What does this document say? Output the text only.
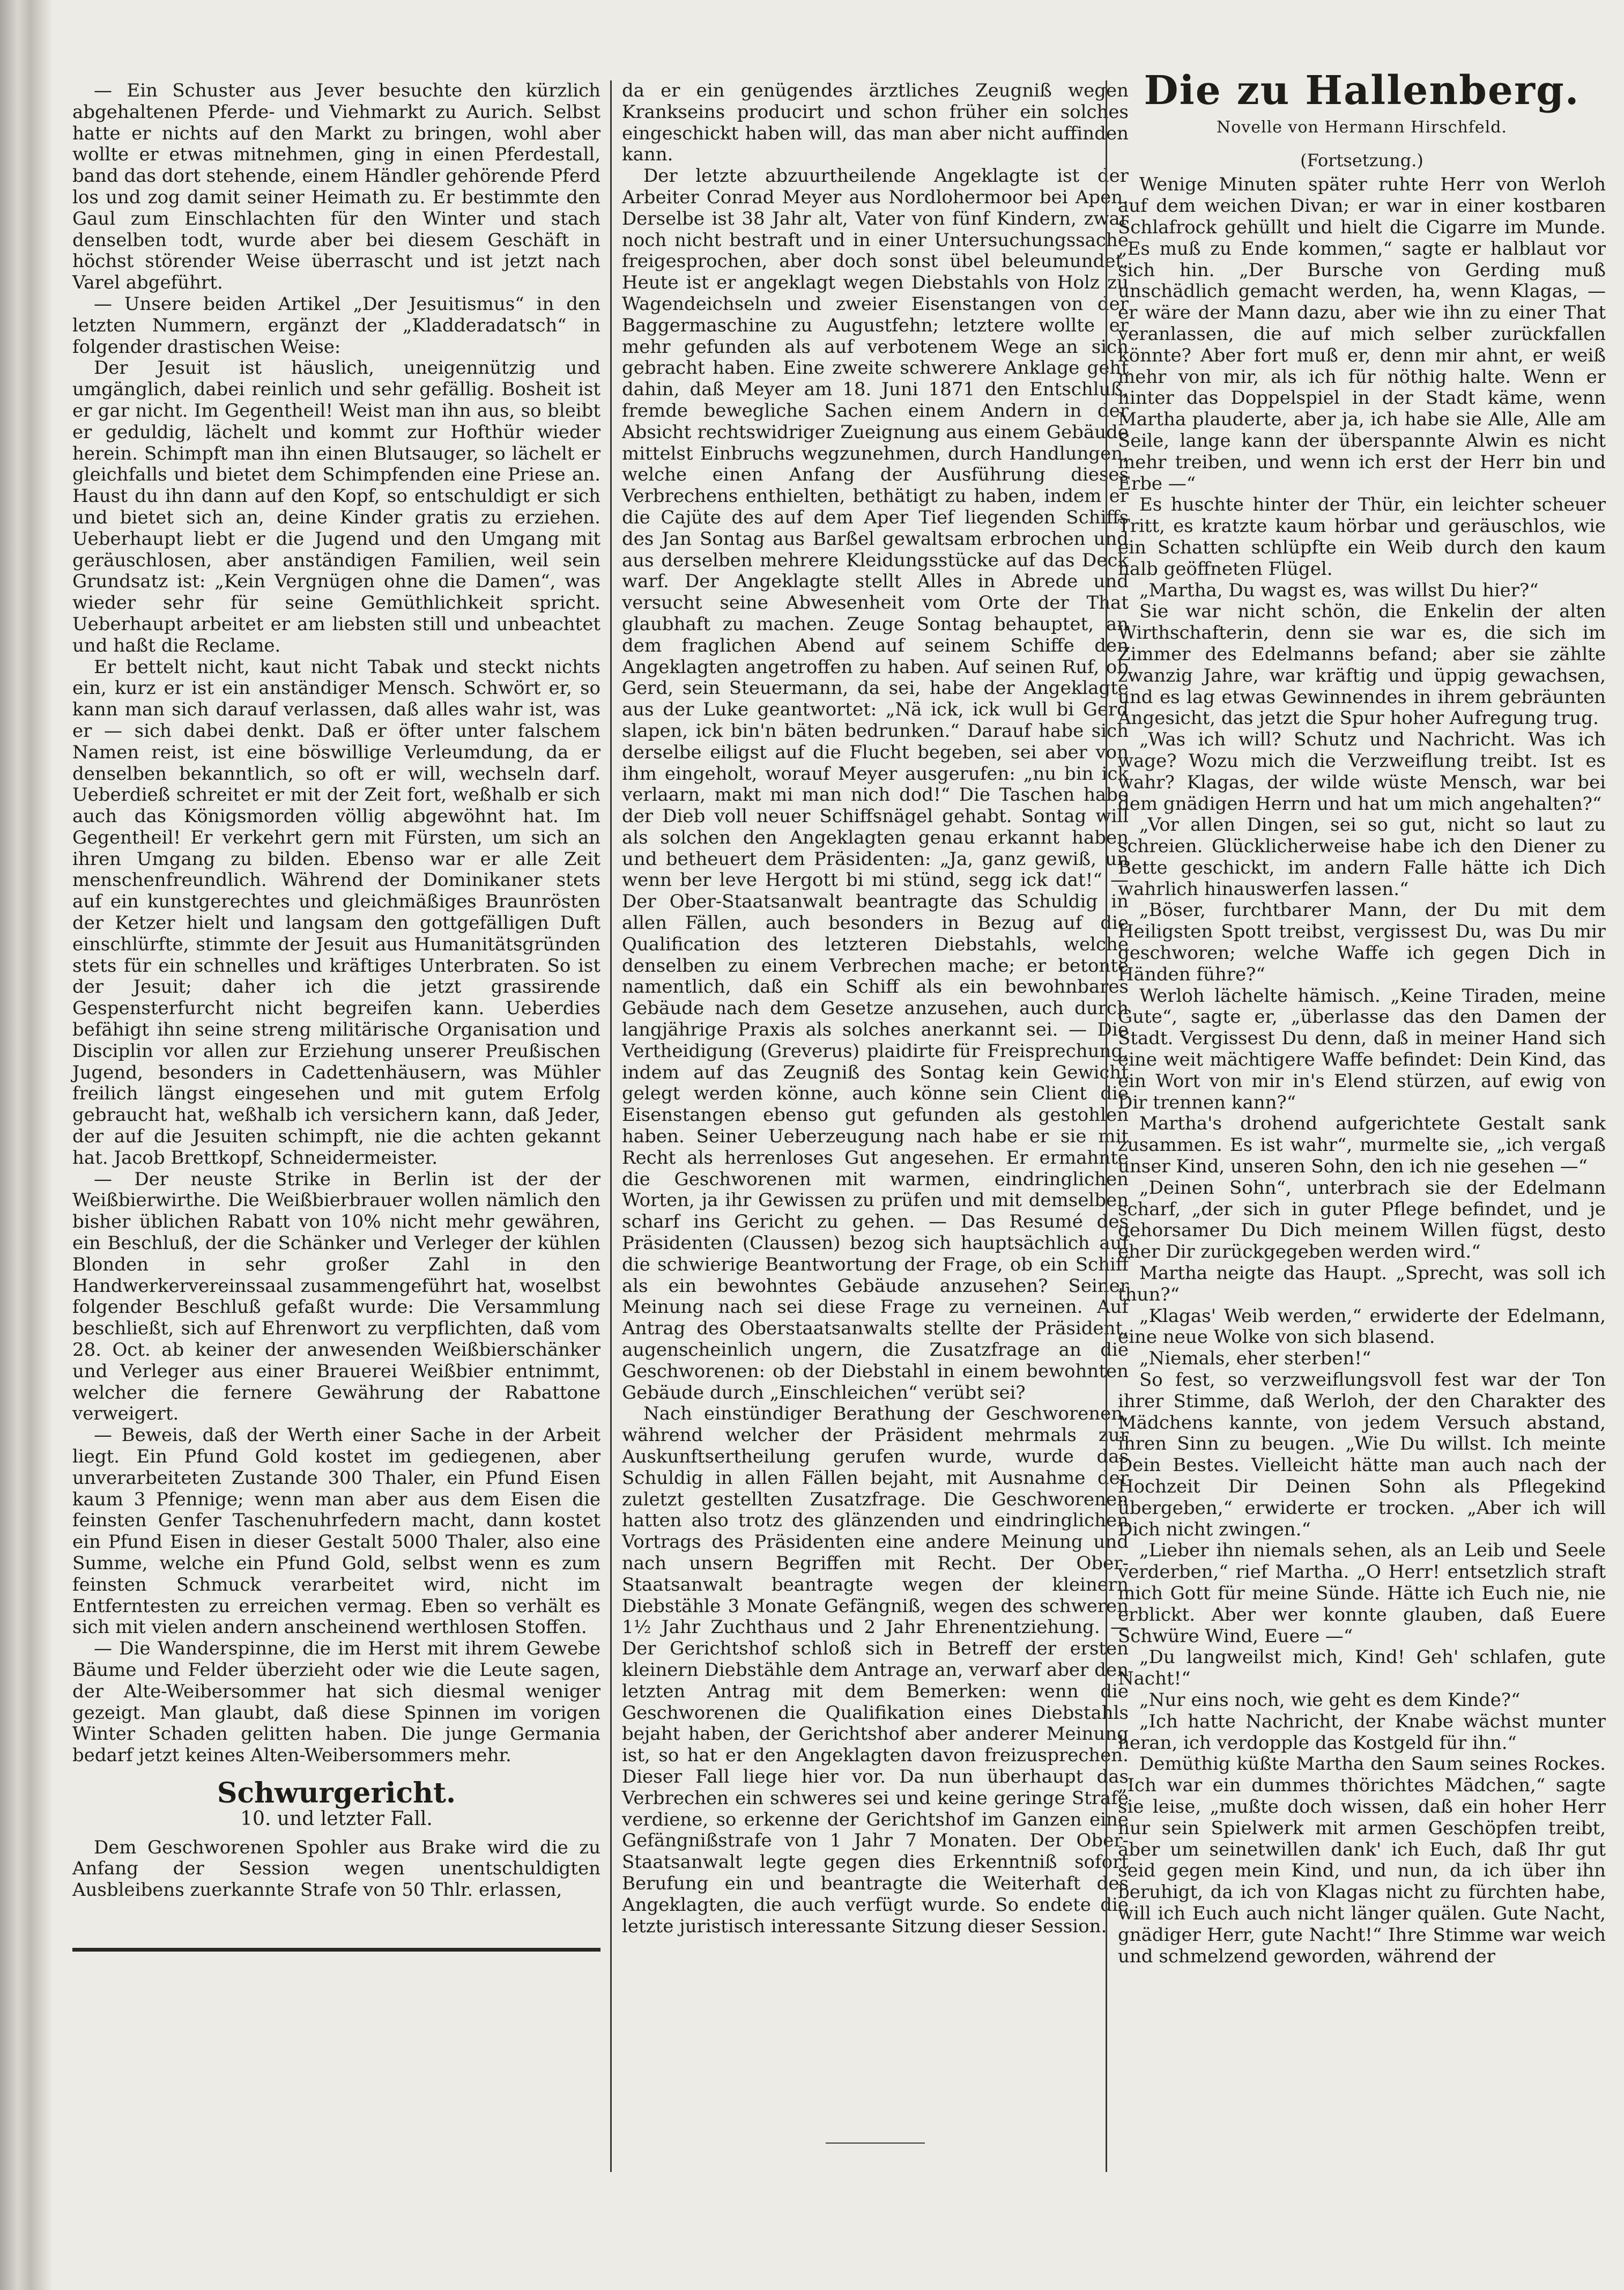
— Ein Schuster aus Jever besuchte den kürzlich abgehaltenen Pferde- und Viehmarkt zu Aurich. Selbst hatte er nichts auf den Markt zu bringen, wohl aber wollte er etwas mitnehmen, ging in einen Pferdestall, band das dort stehende, einem Händler gehörende Pferd los und zog damit seiner Heimath zu. Er bestimmte den Gaul zum Einschlachten für den Winter und stach denselben todt, wurde aber bei diesem Geschäft in höchst störender Weise überrascht und ist jetzt nach Varel abgeführt.

— Unsere beiden Artikel „Der Jesuitismus“ in den letzten Nummern, ergänzt der „Kladderadatsch“ in folgender drastischen Weise:

Der Jesuit ist häuslich, uneigennützig und umgänglich, dabei reinlich und sehr gefällig. Bosheit ist er gar nicht. Im Gegentheil! Weist man ihn aus, so bleibt er geduldig, lächelt und kommt zur Hofthür wieder herein. Schimpft man ihn einen Blutsauger, so lächelt er gleichfalls und bietet dem Schimpfenden eine Priese an. Haust du ihn dann auf den Kopf, so entschuldigt er sich und bietet sich an, deine Kinder gratis zu erziehen. Ueberhaupt liebt er die Jugend und den Umgang mit geräuschlosen, aber anständigen Familien, weil sein Grundsatz ist: „Kein Vergnügen ohne die Damen“, was wieder sehr für seine Gemüthlichkeit spricht. Ueberhaupt arbeitet er am liebsten still und unbeachtet und haßt die Reclame.

Er bettelt nicht, kaut nicht Tabak und steckt nichts ein, kurz er ist ein anständiger Mensch. Schwört er, so kann man sich darauf verlassen, daß alles wahr ist, was er — sich dabei denkt. Daß er öfter unter falschem Namen reist, ist eine böswillige Verleumdung, da er denselben bekanntlich, so oft er will, wechseln darf. Ueberdieß schreitet er mit der Zeit fort, weßhalb er sich auch das Königsmorden völlig abgewöhnt hat. Im Gegentheil! Er verkehrt gern mit Fürsten, um sich an ihren Umgang zu bilden. Ebenso war er alle Zeit menschenfreundlich. Während der Dominikaner stets auf ein kunstgerechtes und gleichmäßiges Braunrösten der Ketzer hielt und langsam den gottgefälligen Duft einschlürfte, stimmte der Jesuit aus Humanitätsgründen stets für ein schnelles und kräftiges Unterbraten. So ist der Jesuit; daher ich die jetzt grassirende Gespensterfurcht nicht begreifen kann. Ueberdies befähigt ihn seine streng militärische Organisation und Disciplin vor allen zur Erziehung unserer Preußischen Jugend, besonders in Cadettenhäusern, was Mühler freilich längst eingesehen und mit gutem Erfolg gebraucht hat, weßhalb ich versichern kann, daß Jeder, der auf die Jesuiten schimpft, nie die achten gekannt hat. Jacob Brettkopf, Schneidermeister.

— Der neuste Strike in Berlin ist der der Weißbierwirthe. Die Weißbierbrauer wollen nämlich den bisher üblichen Rabatt von 10% nicht mehr gewähren, ein Beschluß, der die Schänker und Verleger der kühlen Blonden in sehr großer Zahl in den Handwerkervereinssaal zusammengeführt hat, woselbst folgender Beschluß gefaßt wurde: Die Versammlung beschließt, sich auf Ehrenwort zu verpflichten, daß vom 28. Oct. ab keiner der anwesenden Weißbierschänker und Verleger aus einer Brauerei Weißbier entnimmt, welcher die fernere Gewährung der Rabattone verweigert.

— Beweis, daß der Werth einer Sache in der Arbeit liegt. Ein Pfund Gold kostet im gediegenen, aber unverarbeiteten Zustande 300 Thaler, ein Pfund Eisen kaum 3 Pfennige; wenn man aber aus dem Eisen die feinsten Genfer Taschenuhrfedern macht, dann kostet ein Pfund Eisen in dieser Gestalt 5000 Thaler, also eine Summe, welche ein Pfund Gold, selbst wenn es zum feinsten Schmuck verarbeitet wird, nicht im Entferntesten zu erreichen vermag. Eben so verhält es sich mit vielen andern anscheinend werthlosen Stoffen.

— Die Wanderspinne, die im Herst mit ihrem Gewebe Bäume und Felder überzieht oder wie die Leute sagen, der Alte-Weibersommer hat sich diesmal weniger gezeigt. Man glaubt, daß diese Spinnen im vorigen Winter Schaden gelitten haben. Die junge Germania bedarf jetzt keines Alten-Weibersommers mehr.

Schwurgericht.
10. und letzter Fall.

Dem Geschworenen Spohler aus Brake wird die zu Anfang der Session wegen unentschuldigten Ausbleibens zuerkannte Strafe von 50 Thlr. erlassen,

da er ein genügendes ärztliches Zeugniß wegen Krankseins producirt und schon früher ein solches eingeschickt haben will, das man aber nicht auffinden kann.

Der letzte abzuurtheilende Angeklagte ist der Arbeiter Conrad Meyer aus Nordlohermoor bei Apen. Derselbe ist 38 Jahr alt, Vater von fünf Kindern, zwar noch nicht bestraft und in einer Untersuchungssache freigesprochen, aber doch sonst übel beleumundet. Heute ist er angeklagt wegen Diebstahls von Holz zu Wagendeichseln und zweier Eisenstangen von der Baggermaschine zu Augustfehn; letztere wollte er mehr gefunden als auf verbotenem Wege an sich gebracht haben. Eine zweite schwerere Anklage geht dahin, daß Meyer am 18. Juni 1871 den Entschluß, fremde bewegliche Sachen einem Andern in der Absicht rechtswidriger Zueignung aus einem Gebäude mittelst Einbruchs wegzunehmen, durch Handlungen, welche einen Anfang der Ausführung dieses Verbrechens enthielten, bethätigt zu haben, indem er die Cajüte des auf dem Aper Tief liegenden Schiffs des Jan Sontag aus Barßel gewaltsam erbrochen und aus derselben mehrere Kleidungsstücke auf das Deck warf. Der Angeklagte stellt Alles in Abrede und versucht seine Abwesenheit vom Orte der That glaubhaft zu machen. Zeuge Sontag behauptet, an dem fraglichen Abend auf seinem Schiffe den Angeklagten angetroffen zu haben. Auf seinen Ruf, ob Gerd, sein Steuermann, da sei, habe der Angeklagte aus der Luke geantwortet: „Nä ick, ick wull bi Gerd slapen, ick bin'n bäten bedrunken.“ Darauf habe sich derselbe eiligst auf die Flucht begeben, sei aber von ihm eingeholt, worauf Meyer ausgerufen: „nu bin ick verlaarn, makt mi man nich dod!“ Die Taschen habe der Dieb voll neuer Schiffsnägel gehabt. Sontag will als solchen den Angeklagten genau erkannt haben und betheuert dem Präsidenten: „Ja, ganz gewiß, un wenn ber leve Hergott bi mi stünd, segg ick dat!“ — Der Ober-Staatsanwalt beantragte das Schuldig in allen Fällen, auch besonders in Bezug auf die Qualification des letzteren Diebstahls, welche denselben zu einem Verbrechen mache; er betonte namentlich, daß ein Schiff als ein bewohnbares Gebäude nach dem Gesetze anzusehen, auch durch langjährige Praxis als solches anerkannt sei. — Die Vertheidigung (Greverus) plaidirte für Freisprechung, indem auf das Zeugniß des Sontag kein Gewicht gelegt werden könne, auch könne sein Client die Eisenstangen ebenso gut gefunden als gestohlen haben. Seiner Ueberzeugung nach habe er sie mit Recht als herrenloses Gut angesehen. Er ermahnte die Geschworenen mit warmen, eindringlichen Worten, ja ihr Gewissen zu prüfen und mit demselben scharf ins Gericht zu gehen. — Das Resumé des Präsidenten (Claussen) bezog sich hauptsächlich auf die schwierige Beantwortung der Frage, ob ein Schiff als ein bewohntes Gebäude anzusehen? Seiner Meinung nach sei diese Frage zu verneinen. Auf Antrag des Oberstaatsanwalts stellte der Präsident, augenscheinlich ungern, die Zusatzfrage an die Geschworenen: ob der Diebstahl in einem bewohnten Gebäude durch „Einschleichen“ verübt sei?

Nach einstündiger Berathung der Geschworenen, während welcher der Präsident mehrmals zur Auskunftsertheilung gerufen wurde, wurde das Schuldig in allen Fällen bejaht, mit Ausnahme der zuletzt gestellten Zusatzfrage. Die Geschworenen hatten also trotz des glänzenden und eindringlichen Vortrags des Präsidenten eine andere Meinung und nach unsern Begriffen mit Recht. Der Ober-Staatsanwalt beantragte wegen der kleinern Diebstähle 3 Monate Gefängniß, wegen des schweren 1½ Jahr Zuchthaus und 2 Jahr Ehrenentziehung. — Der Gerichtshof schloß sich in Betreff der ersten kleinern Diebstähle dem Antrage an, verwarf aber den letzten Antrag mit dem Bemerken: wenn die Geschworenen die Qualifikation eines Diebstahls bejaht haben, der Gerichtshof aber anderer Meinung ist, so hat er den Angeklagten davon freizusprechen. Dieser Fall liege hier vor. Da nun überhaupt das Verbrechen ein schweres sei und keine geringe Strafe verdiene, so erkenne der Gerichtshof im Ganzen eine Gefängnißstrafe von 1 Jahr 7 Monaten. Der Ober-Staatsanwalt legte gegen dies Erkenntniß sofort Berufung ein und beantragte die Weiterhaft des Angeklagten, die auch verfügt wurde. So endete die letzte juristisch interessante Sitzung dieser Session.

Die zu Hallenberg.
Novelle von Hermann Hirschfeld.
(Fortsetzung.)

Wenige Minuten später ruhte Herr von Werloh auf dem weichen Divan; er war in einer kostbaren Schlafrock gehüllt und hielt die Cigarre im Munde. „Es muß zu Ende kommen,“ sagte er halblaut vor sich hin. „Der Bursche von Gerding muß unschädlich gemacht werden, ha, wenn Klagas, — er wäre der Mann dazu, aber wie ihn zu einer That veranlassen, die auf mich selber zurückfallen könnte? Aber fort muß er, denn mir ahnt, er weiß mehr von mir, als ich für nöthig halte. Wenn er hinter das Doppelspiel in der Stadt käme, wenn Martha plauderte, aber ja, ich habe sie Alle, Alle am Seile, lange kann der überspannte Alwin es nicht mehr treiben, und wenn ich erst der Herr bin und Erbe —“

Es huschte hinter der Thür, ein leichter scheuer Tritt, es kratzte kaum hörbar und geräuschlos, wie ein Schatten schlüpfte ein Weib durch den kaum halb geöffneten Flügel.

„Martha, Du wagst es, was willst Du hier?“

Sie war nicht schön, die Enkelin der alten Wirthschafterin, denn sie war es, die sich im Zimmer des Edelmanns befand; aber sie zählte zwanzig Jahre, war kräftig und üppig gewachsen, und es lag etwas Gewinnendes in ihrem gebräunten Angesicht, das jetzt die Spur hoher Aufregung trug.

„Was ich will? Schutz und Nachricht. Was ich wage? Wozu mich die Verzweiflung treibt. Ist es wahr? Klagas, der wilde wüste Mensch, war bei dem gnädigen Herrn und hat um mich angehalten?“

„Vor allen Dingen, sei so gut, nicht so laut zu schreien. Glücklicherweise habe ich den Diener zu Bette geschickt, im andern Falle hätte ich Dich wahrlich hinauswerfen lassen.“

„Böser, furchtbarer Mann, der Du mit dem Heiligsten Spott treibst, vergissest Du, was Du mir geschworen; welche Waffe ich gegen Dich in Händen führe?“

Werloh lächelte hämisch. „Keine Tiraden, meine Gute“, sagte er, „überlasse das den Damen der Stadt. Vergissest Du denn, daß in meiner Hand sich eine weit mächtigere Waffe befindet: Dein Kind, das ein Wort von mir in's Elend stürzen, auf ewig von Dir trennen kann?“

Martha's drohend aufgerichtete Gestalt sank zusammen. Es ist wahr“, murmelte sie, „ich vergaß unser Kind, unseren Sohn, den ich nie gesehen —“

„Deinen Sohn“, unterbrach sie der Edelmann scharf, „der sich in guter Pflege befindet, und je gehorsamer Du Dich meinem Willen fügst, desto eher Dir zurückgegeben werden wird.“

Martha neigte das Haupt. „Sprecht, was soll ich thun?“

„Klagas' Weib werden,“ erwiderte der Edelmann, eine neue Wolke von sich blasend.

„Niemals, eher sterben!“

So fest, so verzweiflungsvoll fest war der Ton ihrer Stimme, daß Werloh, der den Charakter des Mädchens kannte, von jedem Versuch abstand, ihren Sinn zu beugen. „Wie Du willst. Ich meinte Dein Bestes. Vielleicht hätte man auch nach der Hochzeit Dir Deinen Sohn als Pflegekind übergeben,“ erwiderte er trocken. „Aber ich will Dich nicht zwingen.“

„Lieber ihn niemals sehen, als an Leib und Seele verderben,“ rief Martha. „O Herr! entsetzlich straft mich Gott für meine Sünde. Hätte ich Euch nie, nie erblickt. Aber wer konnte glauben, daß Euere Schwüre Wind, Euere —“

„Du langweilst mich, Kind! Geh' schlafen, gute Nacht!“

„Nur eins noch, wie geht es dem Kinde?“

„Ich hatte Nachricht, der Knabe wächst munter heran, ich verdopple das Kostgeld für ihn.“

Demüthig küßte Martha den Saum seines Rockes. „Ich war ein dummes thörichtes Mädchen,“ sagte sie leise, „mußte doch wissen, daß ein hoher Herr nur sein Spielwerk mit armen Geschöpfen treibt, aber um seinetwillen dank' ich Euch, daß Ihr gut seid gegen mein Kind, und nun, da ich über ihn beruhigt, da ich von Klagas nicht zu fürchten habe, will ich Euch auch nicht länger quälen. Gute Nacht, gnädiger Herr, gute Nacht!“ Ihre Stimme war weich und schmelzend geworden, während der
